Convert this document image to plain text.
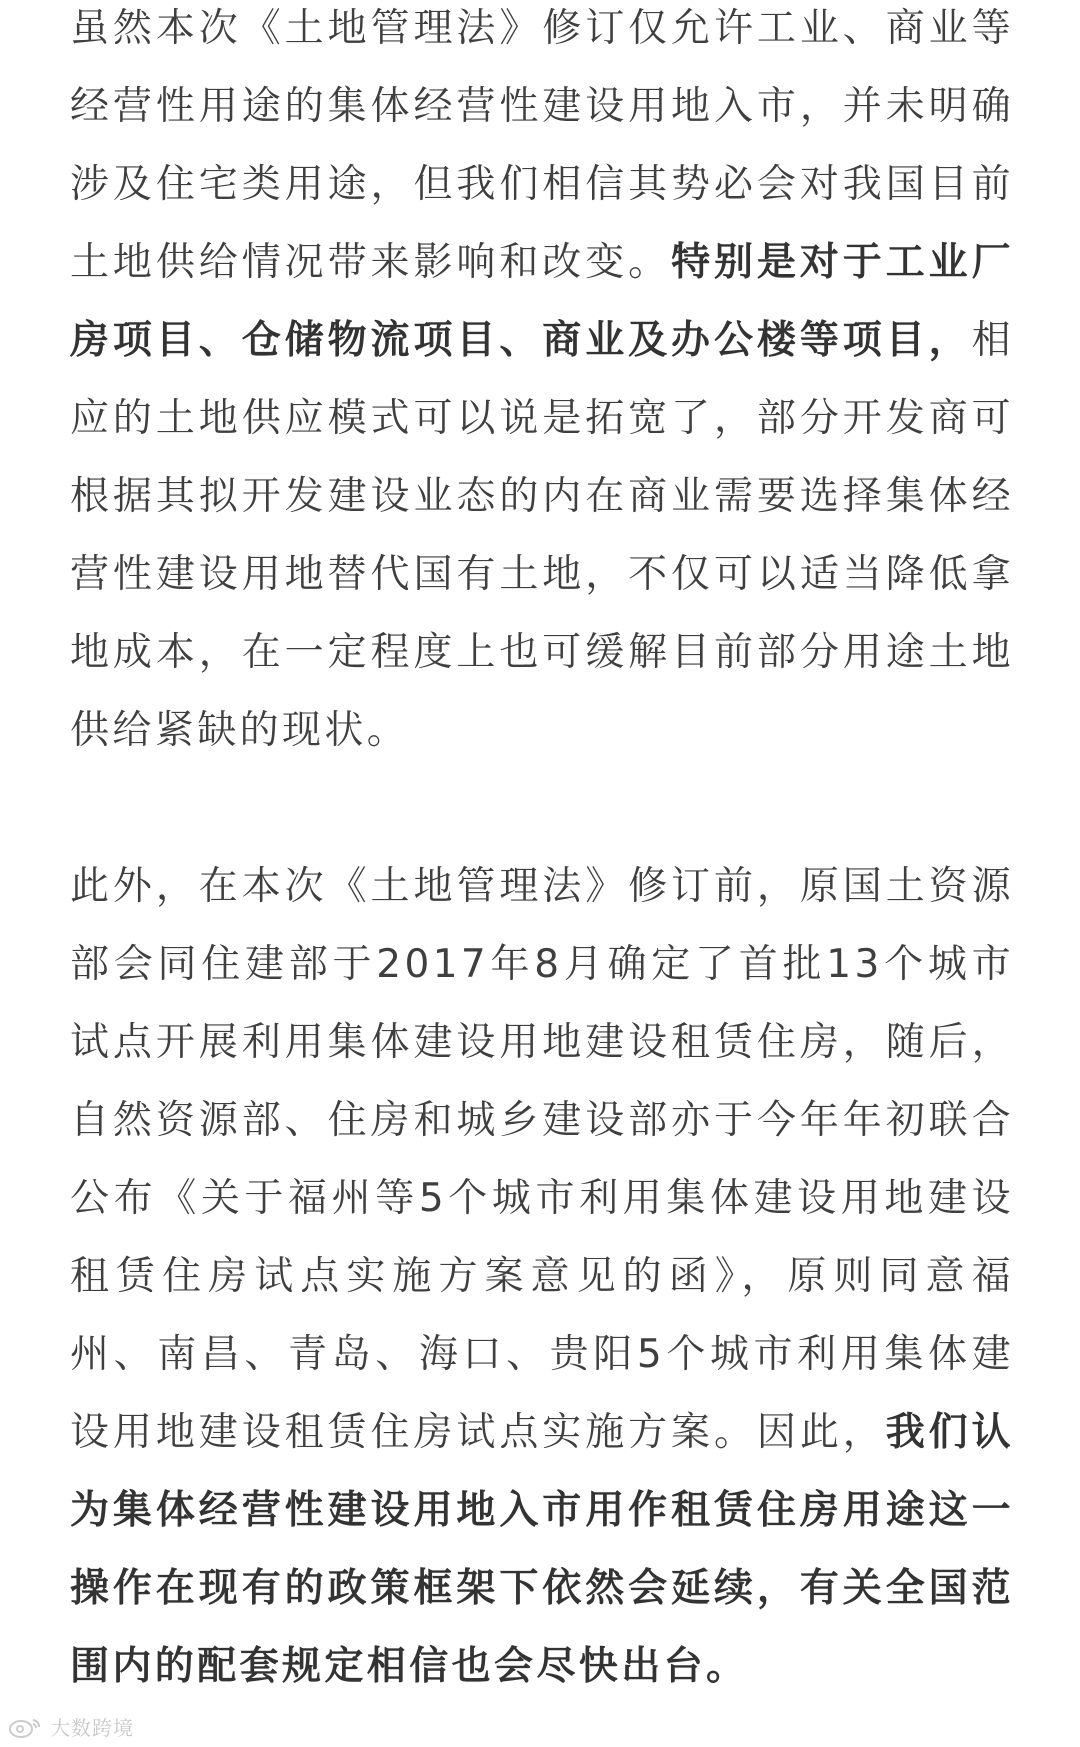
虽然本次《土地管理法》修订仅允许工业、商业等经营性用途的集体经营性建设用地入市，并未明确涉及住宅类用途，但我们相信其势必会对我国目前土地供给情况带来影响和改变。特别是对于工业厂房项目、仓储物流项目、商业及办公楼等项目，相应的土地供应模式可以说是拓宽了，部分开发商可根据其拟开发建设业态的内在商业需要选择集体经营性建设用地替代国有土地，不仅可以适当降低拿地成本，在一定程度上也可缓解目前部分用途土地供给紧缺的现状。

此外，在本次《土地管理法》修订前，原国土资源部会同住建部于2017年8月确定了首批13个城市试点开展利用集体建设用地建设租赁住房，随后，自然资源部、住房和城乡建设部亦于今年年初联合公布《关于福州等5个城市利用集体建设用地建设租赁住房试点实施方案意见的函》，原则同意福州、南昌、青岛、海口、贵阳5个城市利用集体建设用地建设租赁住房试点实施方案。因此，我们认为集体经营性建设用地入市用作租赁住房用途这一操作在现有的政策框架下依然会延续，有关全国范围内的配套规定相信也会尽快出台。

大数跨境
